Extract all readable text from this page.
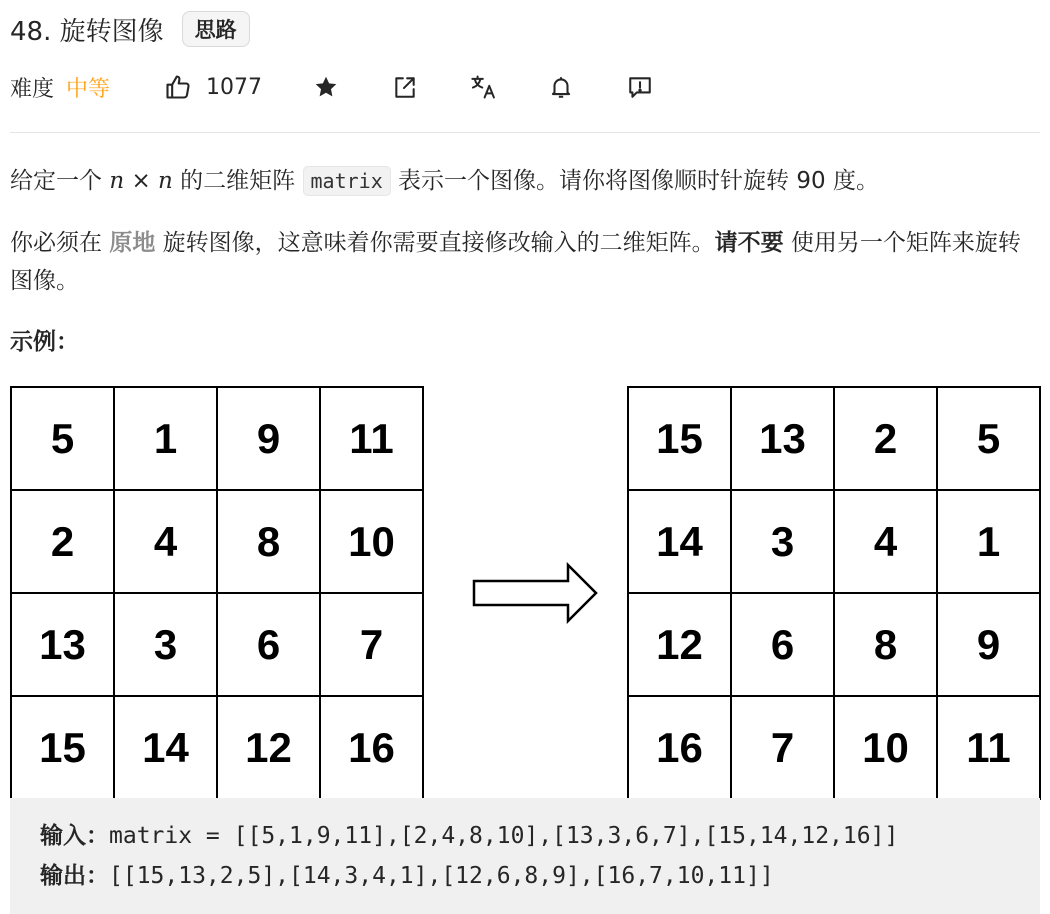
48. 旋转图像	思路
难度 中等	1077
给定一个 n × n 的二维矩阵 matrix 表示一个图像。请你将图像顺时针旋转 90 度。
你必须在 原地 旋转图像，这意味着你需要直接修改输入的二维矩阵。请不要 使用另一个矩阵来旋转图像。
示例：
5	1	9	11
2	4	8	10
13	3	6	7
15	14	12	16
15	13	2	5
14	3	4	1
12	6	8	9
16	7	10	11
输入：matrix = [[5,1,9,11],[2,4,8,10],[13,3,6,7],[15,14,12,16]]
输出：[[15,13,2,5],[14,3,4,1],[12,6,8,9],[16,7,10,11]]
